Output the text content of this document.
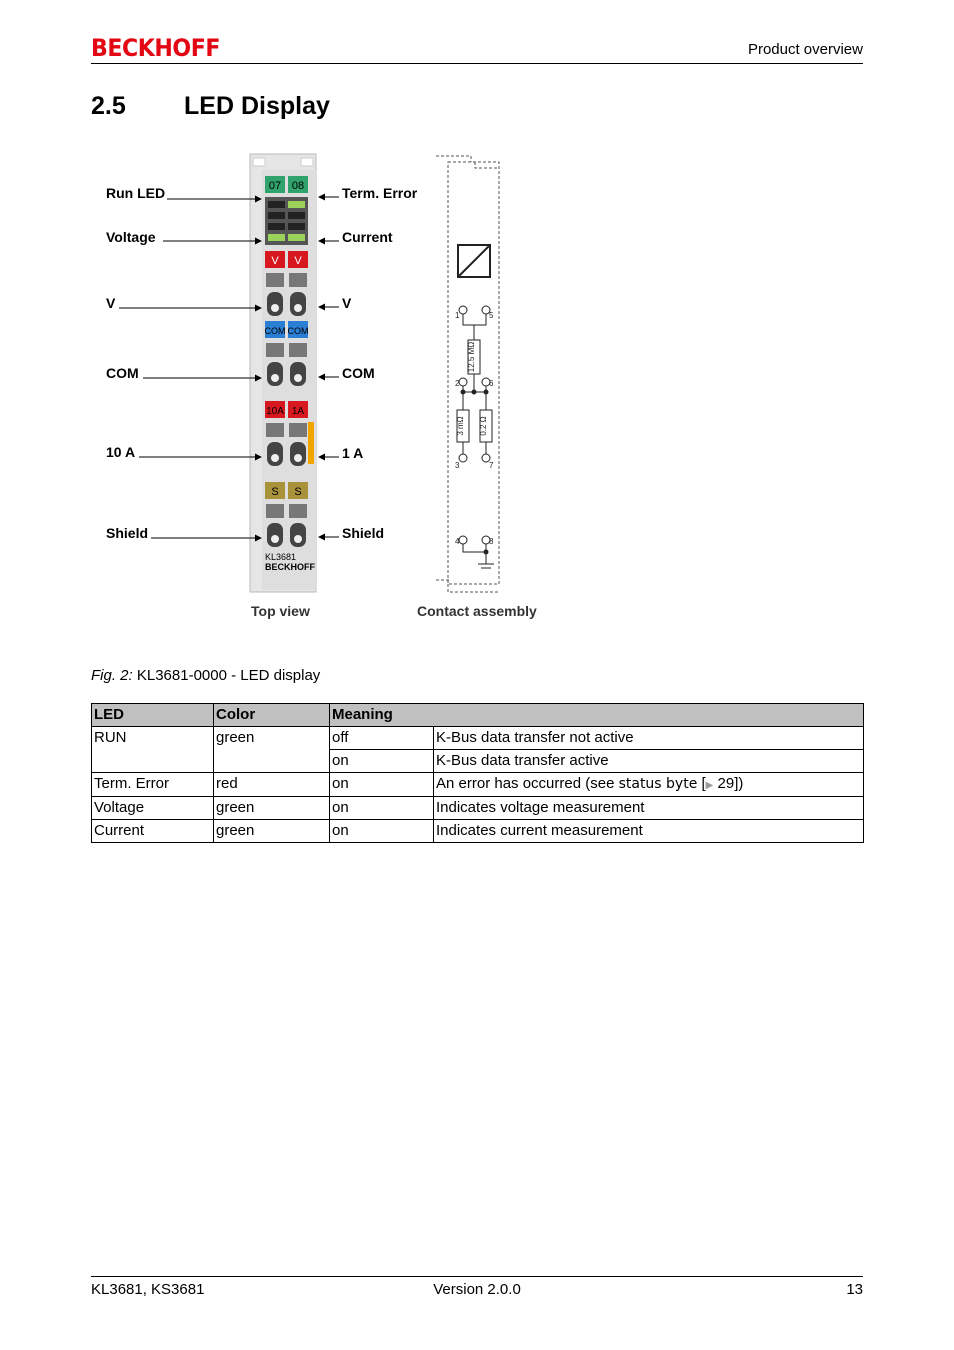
BECKHOFF	Product overview
2.5 LED Display
07 08
V V
COM COM
10A 1A
S S
KL3681
BECKHOFF
Run LED
Voltage
V
COM
10 A
Shield
Term. Error
Current
V
COM
1 A
Shield
Top view
12.5 MΩ
3 mΩ 0.2 Ω
1	5
2	6
3	7
4	8
Contact assembly
Fig. 2: KL3681-0000 - LED display
LED	Color	Meaning	
RUN	green	off	K-Bus data transfer not active
		on	K-Bus data transfer active
Term. Error	red	on	An error has occurred (see status byte [▶ 29])
Voltage	green	on	Indicates voltage measurement
Current	green	on	Indicates current measurement
KL3681, KS3681	Version 2.0.0	13
